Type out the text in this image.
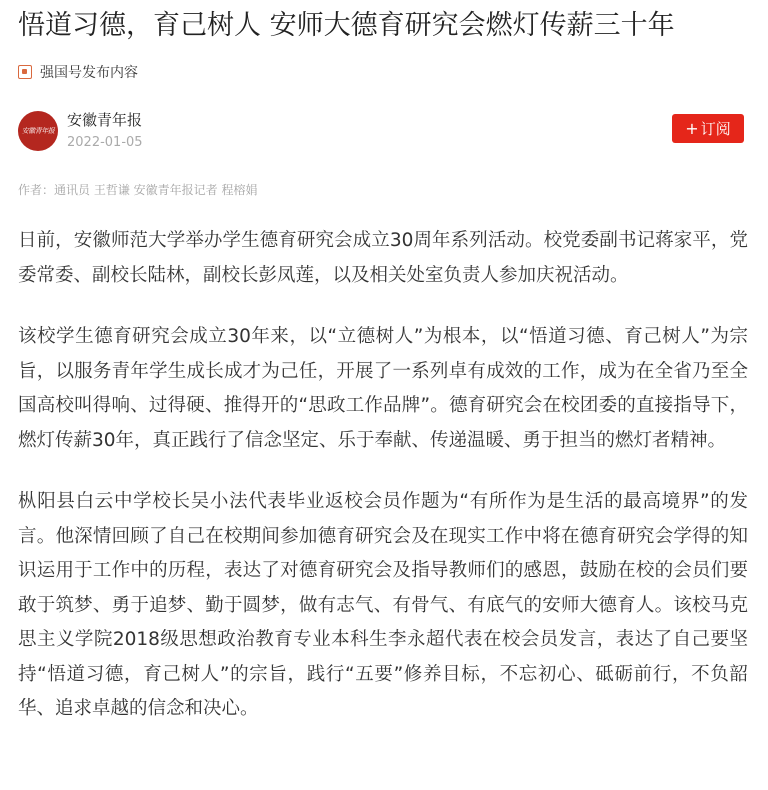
悟道习德，育己树人 安师大德育研究会燃灯传薪三十年
强国号发布内容
安徽青年报
安徽青年报
2022-01-05
+ 订阅
作者：通讯员 王哲谦 安徽青年报记者 程榕娟

日前，安徽师范大学举办学生德育研究会成立30周年系列活动。校党委副书记蒋家平，党委常委、副校长陆林，副校长彭凤莲，以及相关处室负责人参加庆祝活动。

该校学生德育研究会成立30年来，以“立德树人”为根本，以“悟道习德、育己树人”为宗旨，以服务青年学生成长成才为己任，开展了一系列卓有成效的工作，成为在全省乃至全国高校叫得响、过得硬、推得开的“思政工作品牌”。德育研究会在校团委的直接指导下，燃灯传薪30年，真正践行了信念坚定、乐于奉献、传递温暖、勇于担当的燃灯者精神。

枞阳县白云中学校长吴小法代表毕业返校会员作题为“有所作为是生活的最高境界”的发言。他深情回顾了自己在校期间参加德育研究会及在现实工作中将在德育研究会学得的知识运用于工作中的历程，表达了对德育研究会及指导教师们的感恩，鼓励在校的会员们要敢于筑梦、勇于追梦、勤于圆梦，做有志气、有骨气、有底气的安师大德育人。该校马克思主义学院2018级思想政治教育专业本科生李永超代表在校会员发言，表达了自己要坚持“悟道习德，育己树人”的宗旨，践行“五要”修养目标，不忘初心、砥砺前行，不负韶华、追求卓越的信念和决心。
